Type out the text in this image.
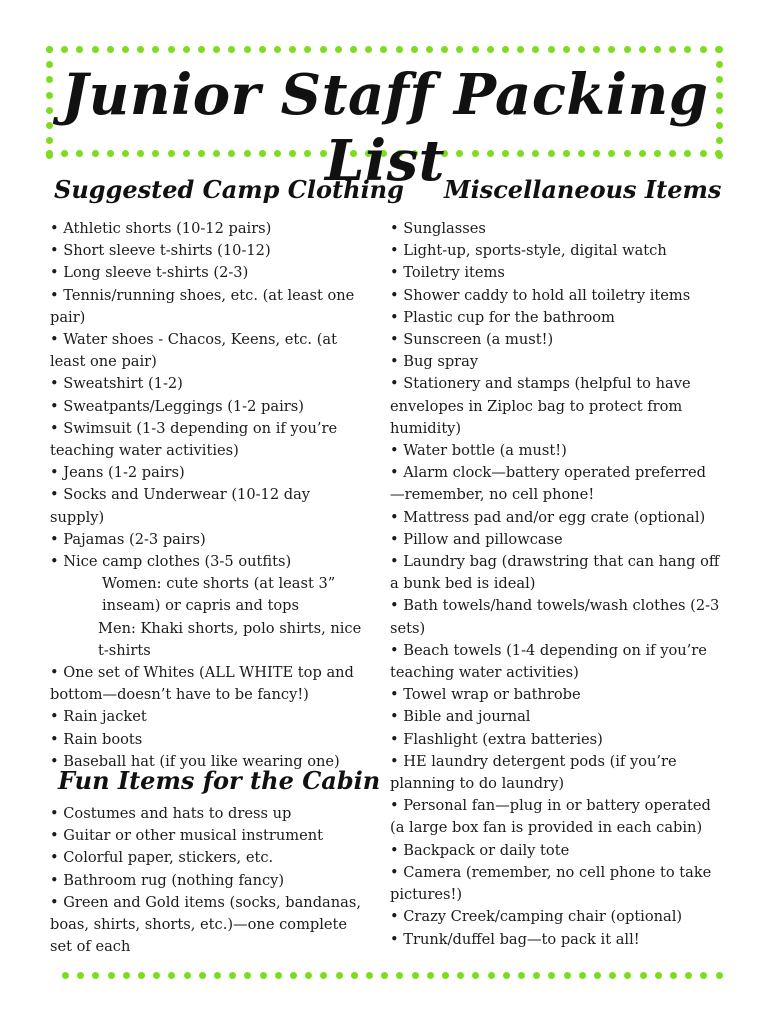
Junior Staff Packing List
Suggested Camp Clothing
• Athletic shorts (10-12 pairs)
• Short sleeve t-shirts (10-12)
• Long sleeve t-shirts (2-3)
• Tennis/running shoes, etc. (at least one pair)
• Water shoes - Chacos, Keens, etc. (at least one pair)
• Sweatshirt (1-2)
• Sweatpants/Leggings (1-2 pairs)
• Swimsuit (1-3 depending on if you’re teaching water activities)
• Jeans (1-2 pairs)
• Socks and Underwear (10-12 day supply)
• Pajamas (2-3 pairs)
• Nice camp clothes (3-5 outfits)
Women: cute shorts (at least 3” inseam) or capris and tops
Men: Khaki shorts, polo shirts, nice t-shirts
• One set of Whites (ALL WHITE top and bottom—doesn’t have to be fancy!)
• Rain jacket
• Rain boots
• Baseball hat (if you like wearing one)
Fun Items for the Cabin
• Costumes and hats to dress up
• Guitar or other musical instrument
• Colorful paper, stickers, etc.
• Bathroom rug (nothing fancy)
• Green and Gold items (socks, bandanas, boas, shirts, shorts, etc.)—one complete set of each
Miscellaneous Items
• Sunglasses
• Light-up, sports-style, digital watch
• Toiletry items
• Shower caddy to hold all toiletry items
• Plastic cup for the bathroom
• Sunscreen (a must!)
• Bug spray
• Stationery and stamps (helpful to have envelopes in Ziploc bag to protect from humidity)
• Water bottle (a must!)
• Alarm clock—battery operated preferred—remember, no cell phone!
• Mattress pad and/or egg crate (optional)
• Pillow and pillowcase
• Laundry bag (drawstring that can hang off a bunk bed is ideal)
• Bath towels/hand towels/wash clothes (2-3 sets)
• Beach towels (1-4 depending on if you’re teaching water activities)
• Towel wrap or bathrobe
• Bible and journal
• Flashlight (extra batteries)
• HE laundry detergent pods (if you’re planning to do laundry)
• Personal fan—plug in or battery operated (a large box fan is provided in each cabin)
• Backpack or daily tote
• Camera (remember, no cell phone to take pictures!)
• Crazy Creek/camping chair (optional)
• Trunk/duffel bag—to pack it all!
